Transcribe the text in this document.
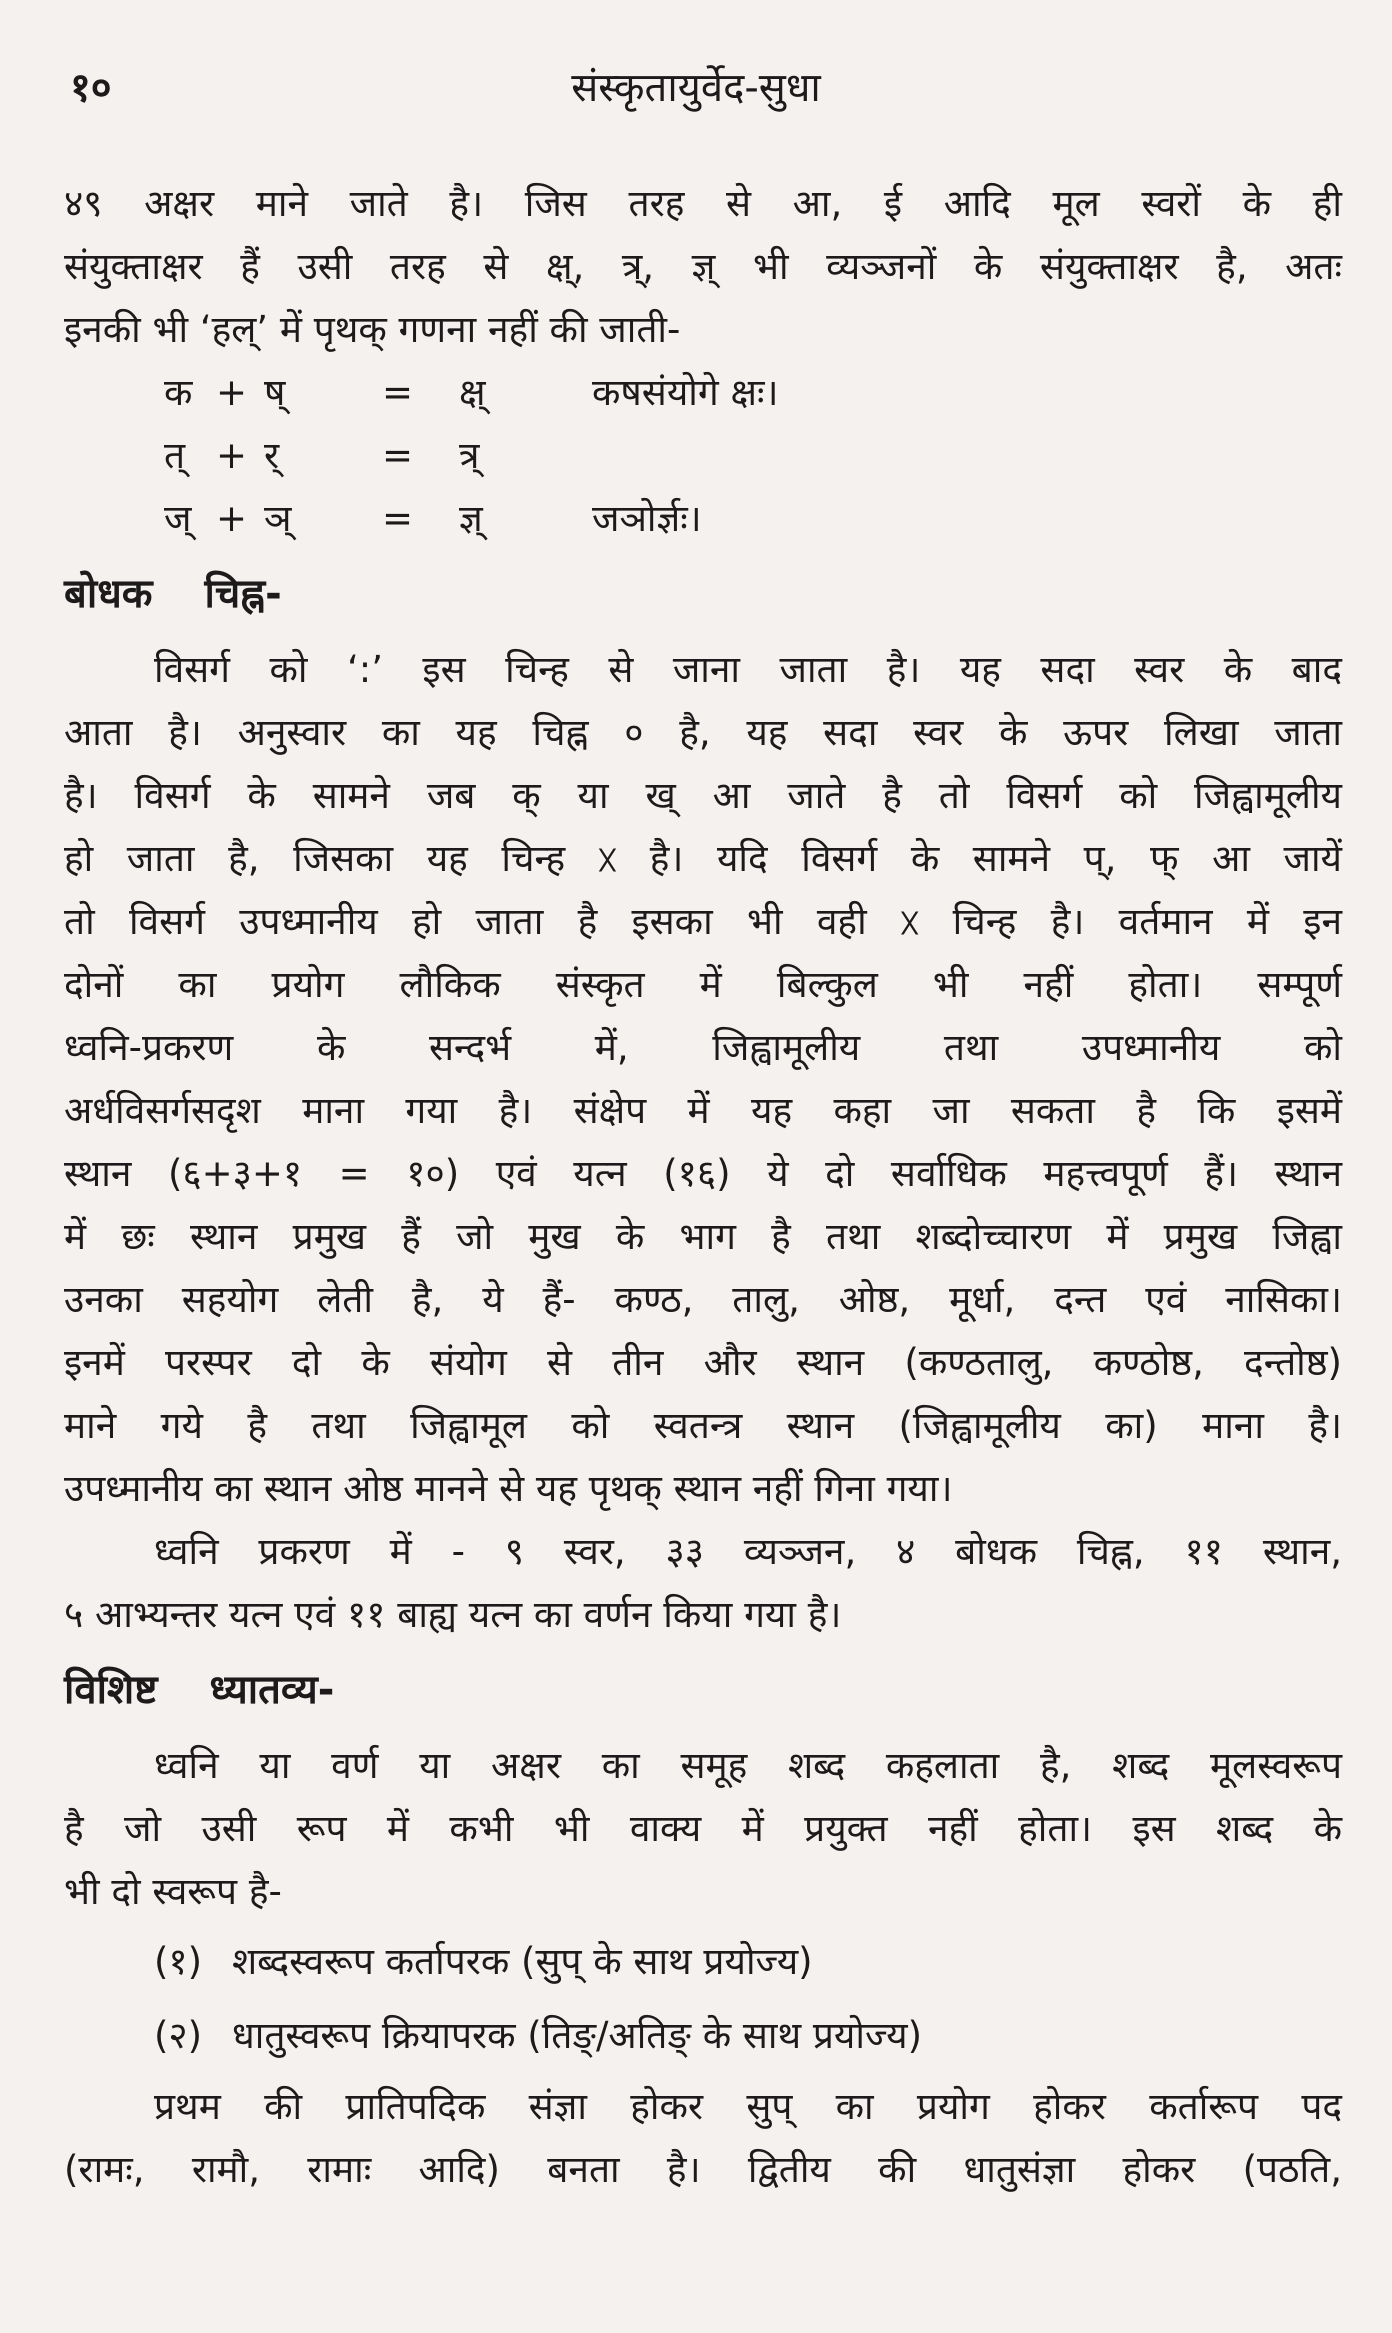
१०	संस्कृतायुर्वेद-सुधा

४९ अक्षर माने जाते है। जिस तरह से आ, ई आदि मूल स्वरों के ही

संयुक्ताक्षर हैं उसी तरह से क्ष्, त्र्, ज्ञ् भी व्यञ्जनों के संयुक्ताक्षर है, अतः

इनकी भी ‘हल्’ में पृथक् गणना नहीं की जाती-

क + ष्	= क्ष्	कषसंयोगे क्षः।
त् + र्	= त्र्
ज् + ञ् = ज्ञ्	जञोर्ज्ञः।
बोधक चिह्न-

विसर्ग को ‘:’ इस चिन्ह से जाना जाता है। यह सदा स्वर के बाद

आता है। अनुस्वार का यह चिह्न ० है, यह सदा स्वर के ऊपर लिखा जाता

है। विसर्ग के सामने जब क् या ख् आ जाते है तो विसर्ग को जिह्वामूलीय

हो जाता है, जिसका यह चिन्ह ᳵ है। यदि विसर्ग के सामने प्, फ् आ जायें

तो विसर्ग उपध्मानीय हो जाता है इसका भी वही ᳵ चिन्ह है। वर्तमान में इन

दोनों का प्रयोग लौकिक संस्कृत में बिल्कुल भी नहीं होता। सम्पूर्ण

ध्वनि-प्रकरण के सन्दर्भ में, जिह्वामूलीय तथा उपध्मानीय को

अर्धविसर्गसदृश माना गया है। संक्षेप में यह कहा जा सकता है कि इसमें

स्थान (६+३+१ = १०) एवं यत्न (१६) ये दो सर्वाधिक महत्त्वपूर्ण हैं। स्थान

में छः स्थान प्रमुख हैं जो मुख के भाग है तथा शब्दोच्चारण में प्रमुख जिह्वा

उनका सहयोग लेती है, ये हैं- कण्ठ, तालु, ओष्ठ, मूर्धा, दन्त एवं नासिका।

इनमें परस्पर दो के संयोग से तीन और स्थान (कण्ठतालु, कण्ठोष्ठ, दन्तोष्ठ)

माने गये है तथा जिह्वामूल को स्वतन्त्र स्थान (जिह्वामूलीय का) माना है।

उपध्मानीय का स्थान ओष्ठ मानने से यह पृथक् स्थान नहीं गिना गया।

ध्वनि प्रकरण में - ९ स्वर, ३३ व्यञ्जन, ४ बोधक चिह्न, ११ स्थान,

५ आभ्यन्तर यत्न एवं ११ बाह्य यत्न का वर्णन किया गया है।

विशिष्ट ध्यातव्य-

ध्वनि या वर्ण या अक्षर का समूह शब्द कहलाता है, शब्द मूलस्वरूप

है जो उसी रूप में कभी भी वाक्य में प्रयुक्त नहीं होता। इस शब्द के

भी दो स्वरूप है-

(१) शब्दस्वरूप कर्तापरक (सुप् के साथ प्रयोज्य)
(२) धातुस्वरूप क्रियापरक (तिङ्/अतिङ् के साथ प्रयोज्य)

प्रथम की प्रातिपदिक संज्ञा होकर सुप् का प्रयोग होकर कर्तारूप पद

(रामः, रामौ, रामाः आदि) बनता है। द्वितीय की धातुसंज्ञा होकर (पठति,
